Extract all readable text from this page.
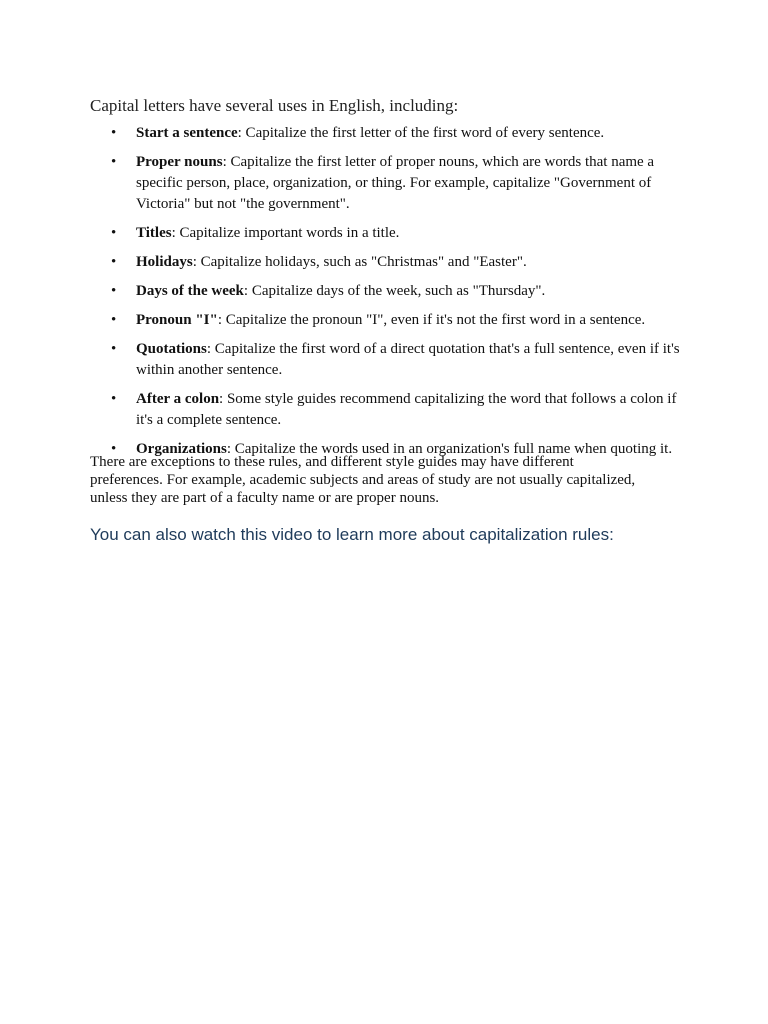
Capital letters have several uses in English, including:

• Start a sentence: Capitalize the first letter of the first word of every sentence.
• Proper nouns: Capitalize the first letter of proper nouns, which are words that name a specific person, place, organization, or thing. For example, capitalize "Government of Victoria" but not "the government".
• Titles: Capitalize important words in a title.
• Holidays: Capitalize holidays, such as "Christmas" and "Easter".
• Days of the week: Capitalize days of the week, such as "Thursday".
• Pronoun "I": Capitalize the pronoun "I", even if it's not the first word in a sentence.
• Quotations: Capitalize the first word of a direct quotation that's a full sentence, even if it's within another sentence.
• After a colon: Some style guides recommend capitalizing the word that follows a colon if it's a complete sentence.
• Organizations: Capitalize the words used in an organization's full name when quoting it.

There are exceptions to these rules, and different style guides may have different preferences. For example, academic subjects and areas of study are not usually capitalized, unless they are part of a faculty name or are proper nouns.

You can also watch this video to learn more about capitalization rules:
